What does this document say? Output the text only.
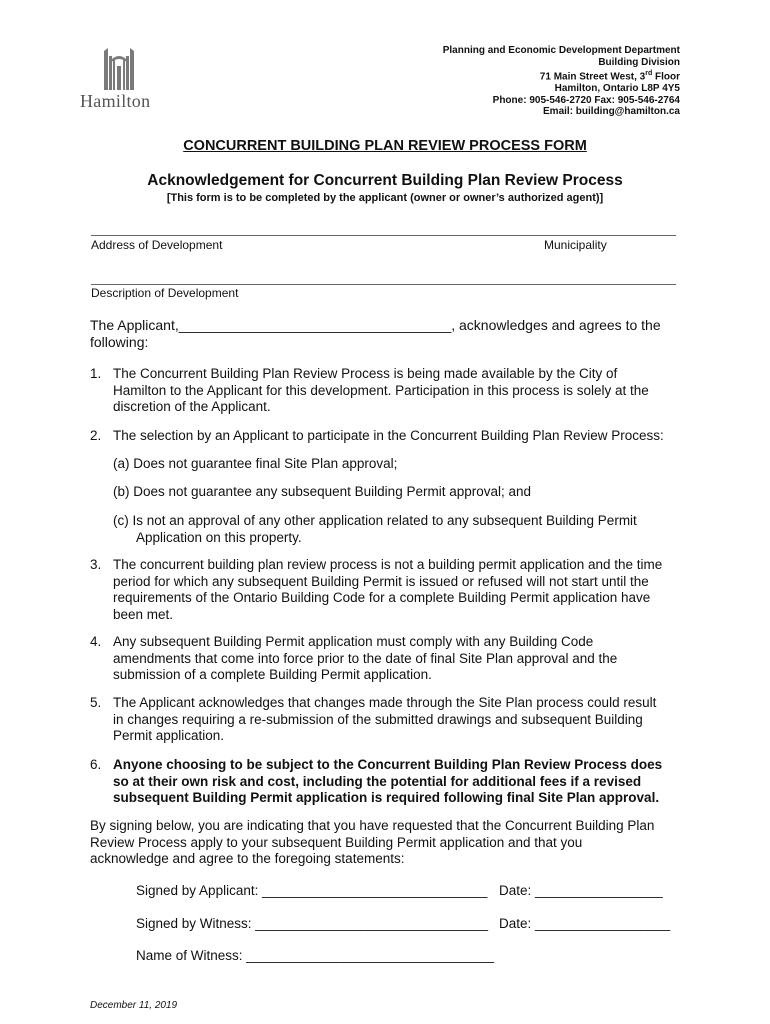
Hamilton
Planning and Economic Development Department
Building Division
71 Main Street West, 3rd Floor
Hamilton, Ontario L8P 4Y5
Phone: 905-546-2720 Fax: 905-546-2764
Email: building@hamilton.ca
CONCURRENT BUILDING PLAN REVIEW PROCESS FORM
Acknowledgement for Concurrent Building Plan Review Process
[This form is to be completed by the applicant (owner or owner’s authorized agent)]
Address of Development	Municipality
Description of Development
The Applicant,___________________________________, acknowledges and agrees to the
following:
1. The Concurrent Building Plan Review Process is being made available by the City of
Hamilton to the Applicant for this development. Participation in this process is solely at the
discretion of the Applicant.
2. The selection by an Applicant to participate in the Concurrent Building Plan Review Process:
(a) Does not guarantee final Site Plan approval;
(b) Does not guarantee any subsequent Building Permit approval; and
(c) Is not an approval of any other application related to any subsequent Building Permit
Application on this property.
3. The concurrent building plan review process is not a building permit application and the time
period for which any subsequent Building Permit is issued or refused will not start until the
requirements of the Ontario Building Code for a complete Building Permit application have
been met.
4. Any subsequent Building Permit application must comply with any Building Code
amendments that come into force prior to the date of final Site Plan approval and the
submission of a complete Building Permit application.
5. The Applicant acknowledges that changes made through the Site Plan process could result
in changes requiring a re-submission of the submitted drawings and subsequent Building
Permit application.
6. Anyone choosing to be subject to the Concurrent Building Plan Review Process does
so at their own risk and cost, including the potential for additional fees if a revised
subsequent Building Permit application is required following final Site Plan approval.
By signing below, you are indicating that you have requested that the Concurrent Building Plan
Review Process apply to your subsequent Building Permit application and that you
acknowledge and agree to the foregoing statements:
Signed by Applicant: ______________________________ Date: _________________
Signed by Witness: _______________________________ Date: __________________
Name of Witness: _________________________________
December 11, 2019
